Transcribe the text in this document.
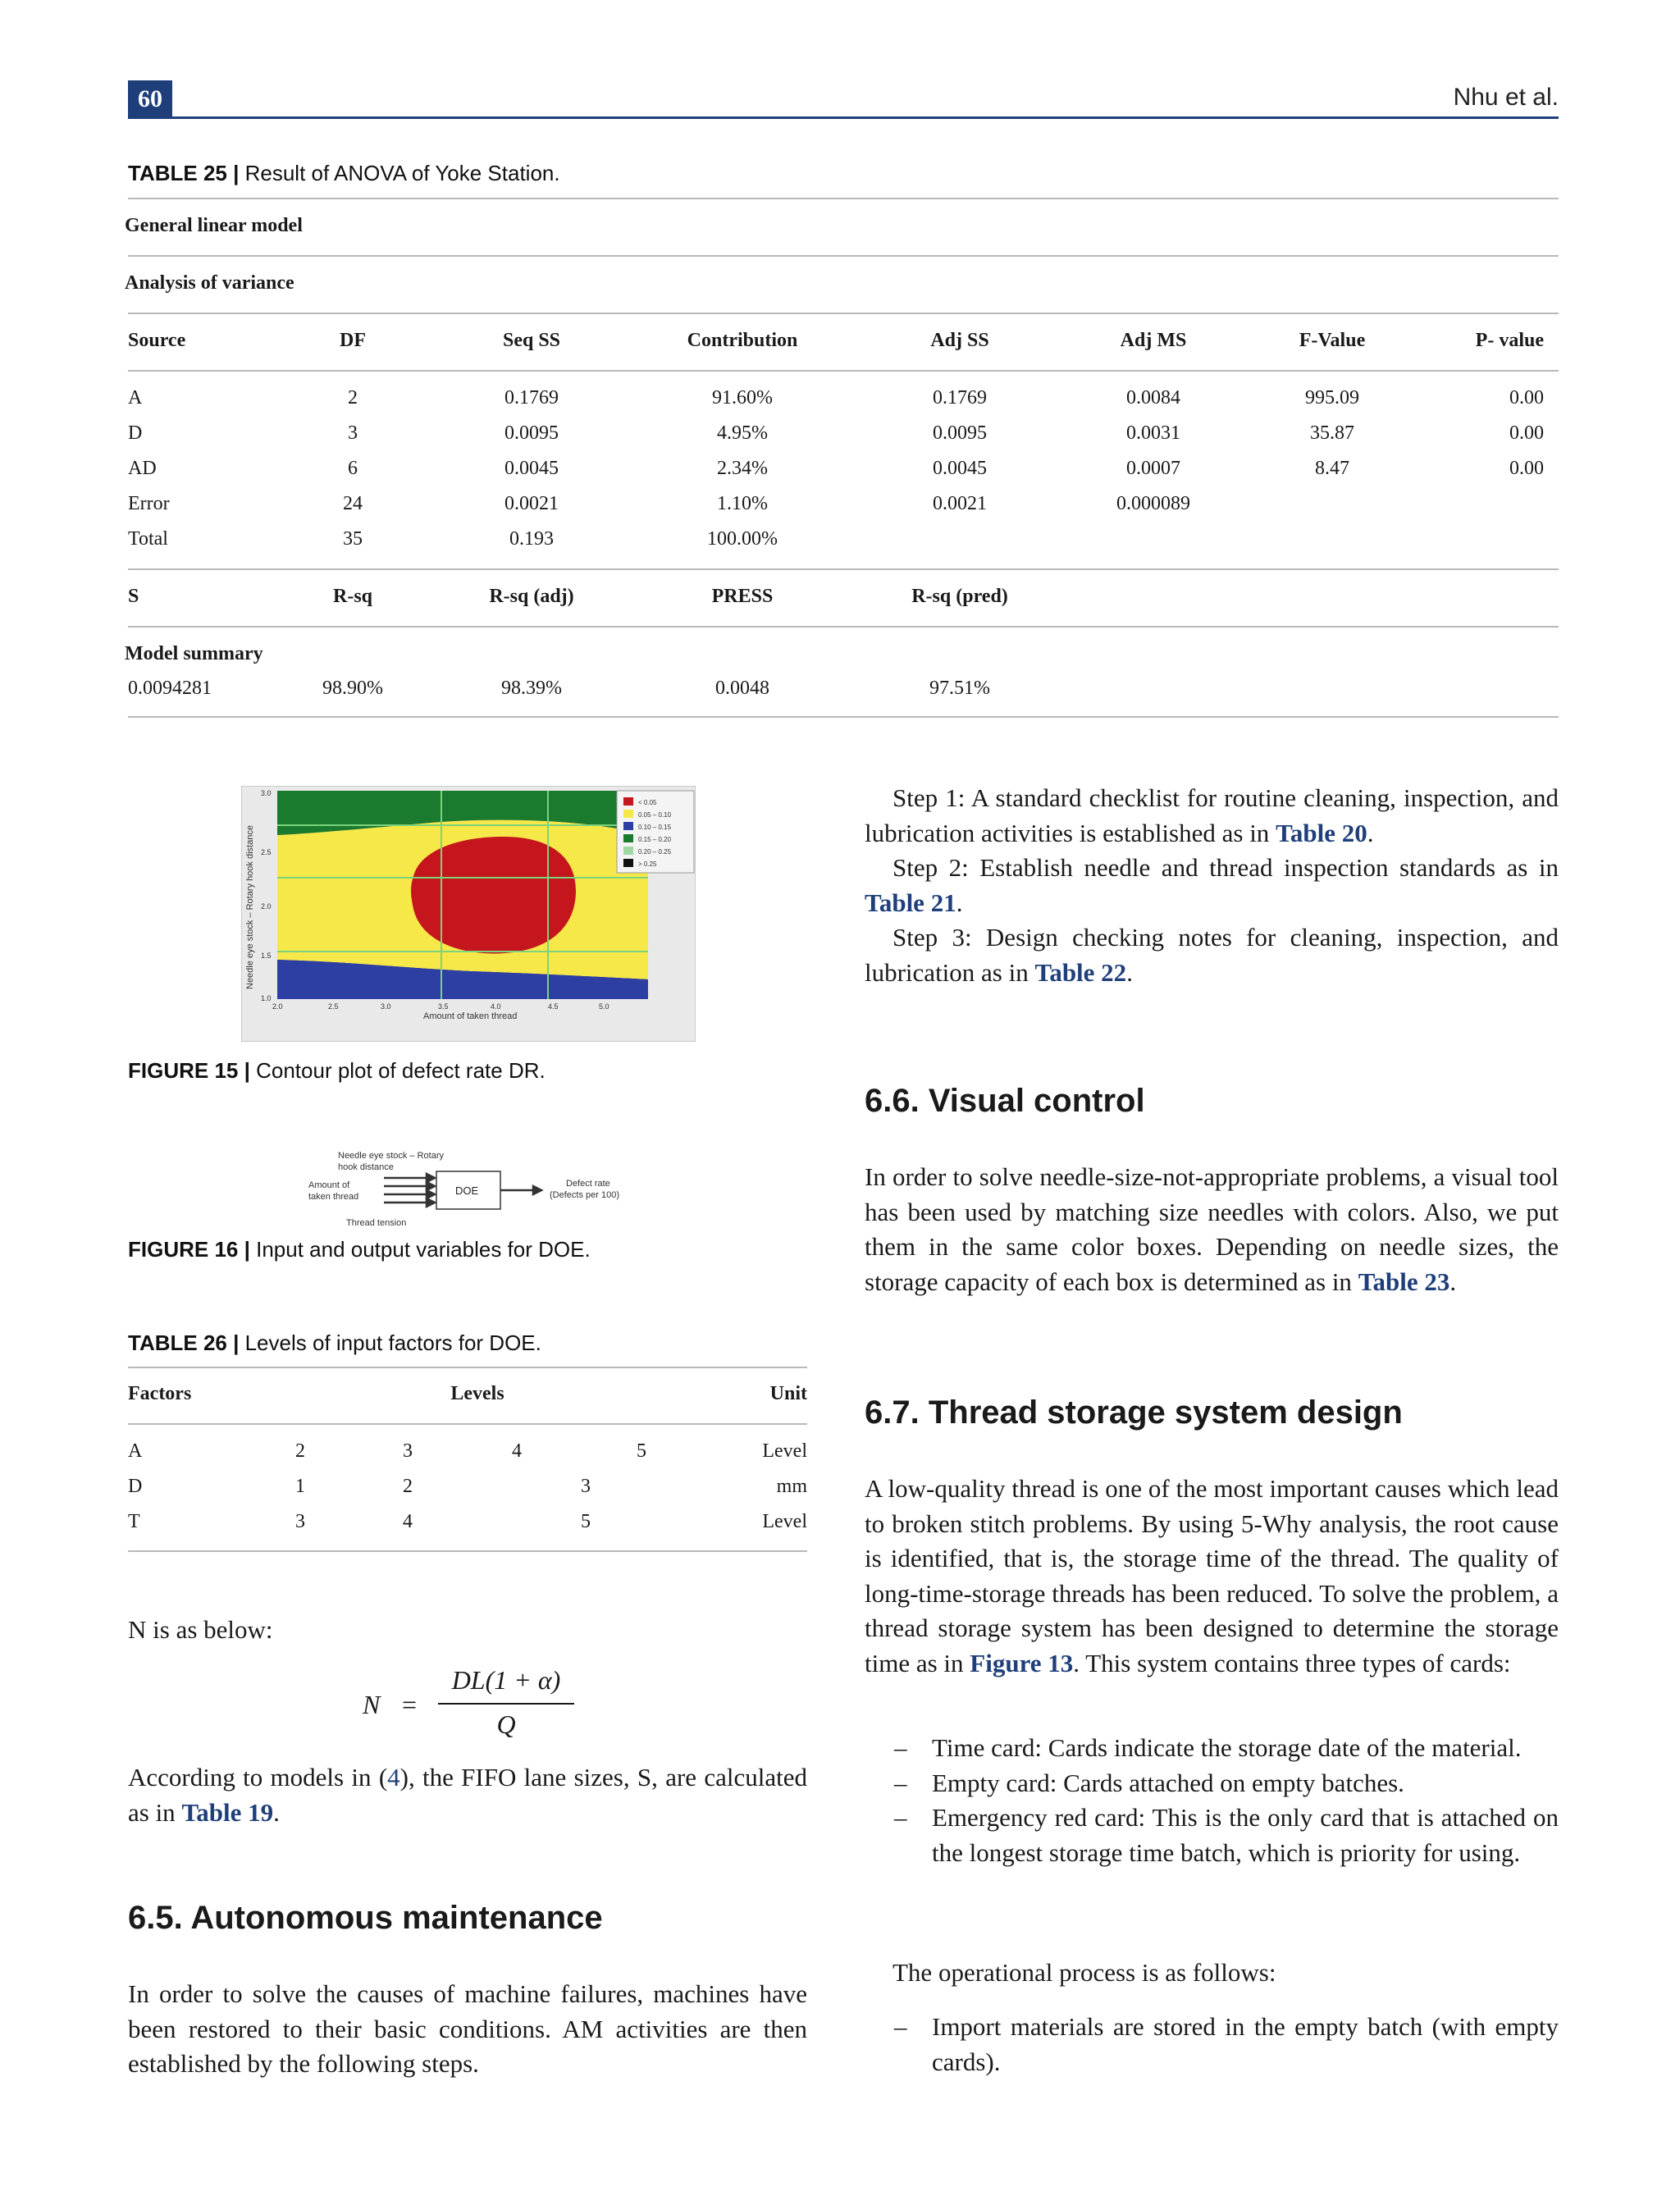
60	Nhu et al.
TABLE 25 | Result of ANOVA of Yoke Station.
General linear model
Analysis of variance
Source	DF	Seq SS	Contribution	Adj SS	Adj MS	F-Value	P- value
A	2	0.1769	91.60%	0.1769	0.0084	995.09	0.00
D	3	0.0095	4.95%	0.0095	0.0031	35.87	0.00
AD	6	0.0045	2.34%	0.0045	0.0007	8.47	0.00
Error	24	0.0021	1.10%	0.0021	0.000089
Total	35	0.193	100.00%
S	R-sq	R-sq (adj)	PRESS	R-sq (pred)
Model summary
0.0094281	98.90%	98.39%	0.0048	97.51%
Needle eye stock – Rotary hook distance
1.0
1.5
2.0
2.5
3.0
2.0	2.5	3.0	3.5	4.0	4.5	5.0
Amount of taken thread
< 0.05
0.05 – 0.10
0.10 – 0.15
0.15 – 0.20
0.20 – 0.25
> 0.25
FIGURE 15 | Contour plot of defect rate DR.
Needle eye stock – Rotary
hook distance
Amount of
taken thread
Thread tension
DOE
Defect rate
(Defects per 100)
FIGURE 16 | Input and output variables for DOE.
TABLE 26 | Levels of input factors for DOE.
Factors	Levels	Unit
A	2	3	4	5	Level
D	1	2	3	mm
T	3	4	5	Level

N is as below:

N =
DL(1 + α)
Q

According to models in (4), the FIFO lane sizes, S, are calculated as in Table 19.

6.5. Autonomous maintenance

In order to solve the causes of machine failures, machines have been restored to their basic conditions. AM activities are then established by the following steps.

Step 1: A standard checklist for routine cleaning, inspection, and lubrication activities is established as in Table 20.

Step 2: Establish needle and thread inspection standards as in Table 21.

Step 3: Design checking notes for cleaning, inspection, and lubrication as in Table 22.

6.6. Visual control

In order to solve needle-size-not-appropriate problems, a visual tool has been used by matching size needles with colors. Also, we put them in the same color boxes. Depending on needle sizes, the storage capacity of each box is determined as in Table 23.

6.7. Thread storage system design

A low-quality thread is one of the most important causes which lead to broken stitch problems. By using 5-Why analysis, the root cause is identified, that is, the storage time of the thread. The quality of long-time-storage threads has been reduced. To solve the problem, a thread storage system has been designed to determine the storage time as in Figure 13. This system contains three types of cards:

– Time card: Cards indicate the storage date of the material.
– Empty card: Cards attached on empty batches.
– Emergency red card: This is the only card that is attached on the longest storage time batch, which is priority for using.

The operational process is as follows:

– Import materials are stored in the empty batch (with empty cards).
